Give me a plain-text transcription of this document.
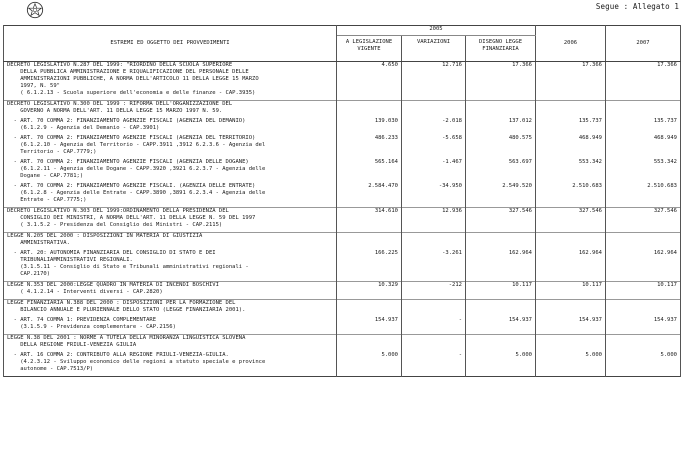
Segue : Allegato 1
ESTREMI ED OGGETTO DEI PROVVEDIMENTI	2005			2006	2007
	A LEGISLAZIONE
VIGENTE	VARIAZIONI	DISEGNO LEGGE
FINANZIARIA		
DECRETO LEGISLATIVO N.287 DEL 1999: "RIORDINO DELLA SCUOLA SUPERIORE
DELLA PUBBLICA AMMINISTRAZIONE E RIQUALIFICAZIONE DEL PERSONALE DELLE
AMMINISTRAZIONI PUBBLICHE, A NORMA DELL'ARTICOLO 11 DELLA LEGGE 15 MARZO
1997, N. 59"
( 6.1.2.13 - Scuola superiore dell'economia e delle finanze - CAP.3935)	4.650	12.716	17.366	17.366	17.366

DECRETO LEGISLATIVO N.300 DEL 1999 : RIFORMA DELL'ORGANIZZAZIONE DEL
GOVERNO A NORMA DELL'ART. 11 DELLA LEGGE 15 MARZO 1997 N. 59.					

- ART. 70 COMMA 2: FINANZIAMENTO AGENZIE FISCALI (AGENZIA DEL DEMANIO)
(6.1.2.9 - Agenzia del Demanio - CAP.3901)	139.030	-2.018	137.012	135.737	135.737

- ART. 70 COMMA 2: FINANZIAMENTO AGENZIE FISCALI (AGENZIA DEL TERRITORIO)
(6.1.2.10 - Agenzia del Territorio - CAPP.3911 ,3912 6.2.3.6 - Agenzia del
Territorio - CAP.7779;)	486.233	-5.658	480.575	468.949	468.949

- ART. 70 COMMA 2: FINANZIAMENTO AGENZIE FISCALI (AGENZIA DELLE DOGANE)
(6.1.2.11 - Agenzia delle Dogane - CAPP.3920 ,3921 6.2.3.7 - Agenzia delle
Dogane - CAP.7781;)	565.164	-1.467	563.697	553.342	553.342

- ART. 70 COMMA 2: FINANZIAMENTO AGENZIE FISCALI. (AGENZIA DELLE ENTRATE)
(6.1.2.8 - Agenzia delle Entrate - CAPP.3890 ,3891 6.2.3.4 - Agenzia delle
Entrate - CAP.7775;)	2.584.470	-34.950	2.549.520	2.510.683	2.510.683

DECRETO LEGISLATIVO N.303 DEL 1999:ORDINAMENTO DELLA PRESIDENZA DEL
CONSIGLIO DEI MINISTRI, A NORMA DELL'ART. 11 DELLA LEGGE N. 59 DEL 1997
( 3.1.5.2 - Presidenza del Consiglio dei Ministri - CAP.2115)	314.610	12.936	327.546	327.546	327.546

LEGGE N.205 DEL 2000 : DISPOSIZIONI IN MATERIA DI GIUSTIZIA
AMMINISTRATIVA.					

- ART. 20: AUTONOMIA FINANZIARIA DEL CONSIGLIO DI STATO E DEI
TRIBUNALIAMMINISTRATIVI REGIONALI.
(3.1.5.11 - Consiglio di Stato e Tribunali amministrativi regionali -
CAP.2170)	166.225	-3.261	162.964	162.964	162.964

LEGGE N.353 DEL 2000:LEGGE QUADRO IN MATERIA DI INCENDI BOSCHIVI
( 4.1.2.14 - Interventi diversi - CAP.2820)	10.329	-212	10.117	10.117	10.117

LEGGE FINANZIARIA N.388 DEL 2000 : DISPOSIZIONI PER LA FORMAZIONE DEL
BILANCIO ANNUALE E PLURIENNALE DELLO STATO (LEGGE FINANZIARIA 2001).					

- ART. 74 COMMA 1: PREVIDENZA COMPLEMENTARE
(3.1.5.9 - Previdenza complementare - CAP.2156)	154.937	-	154.937	154.937	154.937

LEGGE N.38 DEL 2001 : NORME A TUTELA DELLA MINORANZA LINGUISTICA SLOVENA
DELLA REGIONE FRIULI-VENEZIA GIULIA					

- ART. 16 COMMA 2: CONTRIBUTO ALLA REGIONE FRIULI-VENEZIA-GIULIA.
(4.2.3.12 - Sviluppo economico delle regioni a statuto speciale e province
autonome - CAP.7513/P)	5.000	-	5.000	5.000	5.000
